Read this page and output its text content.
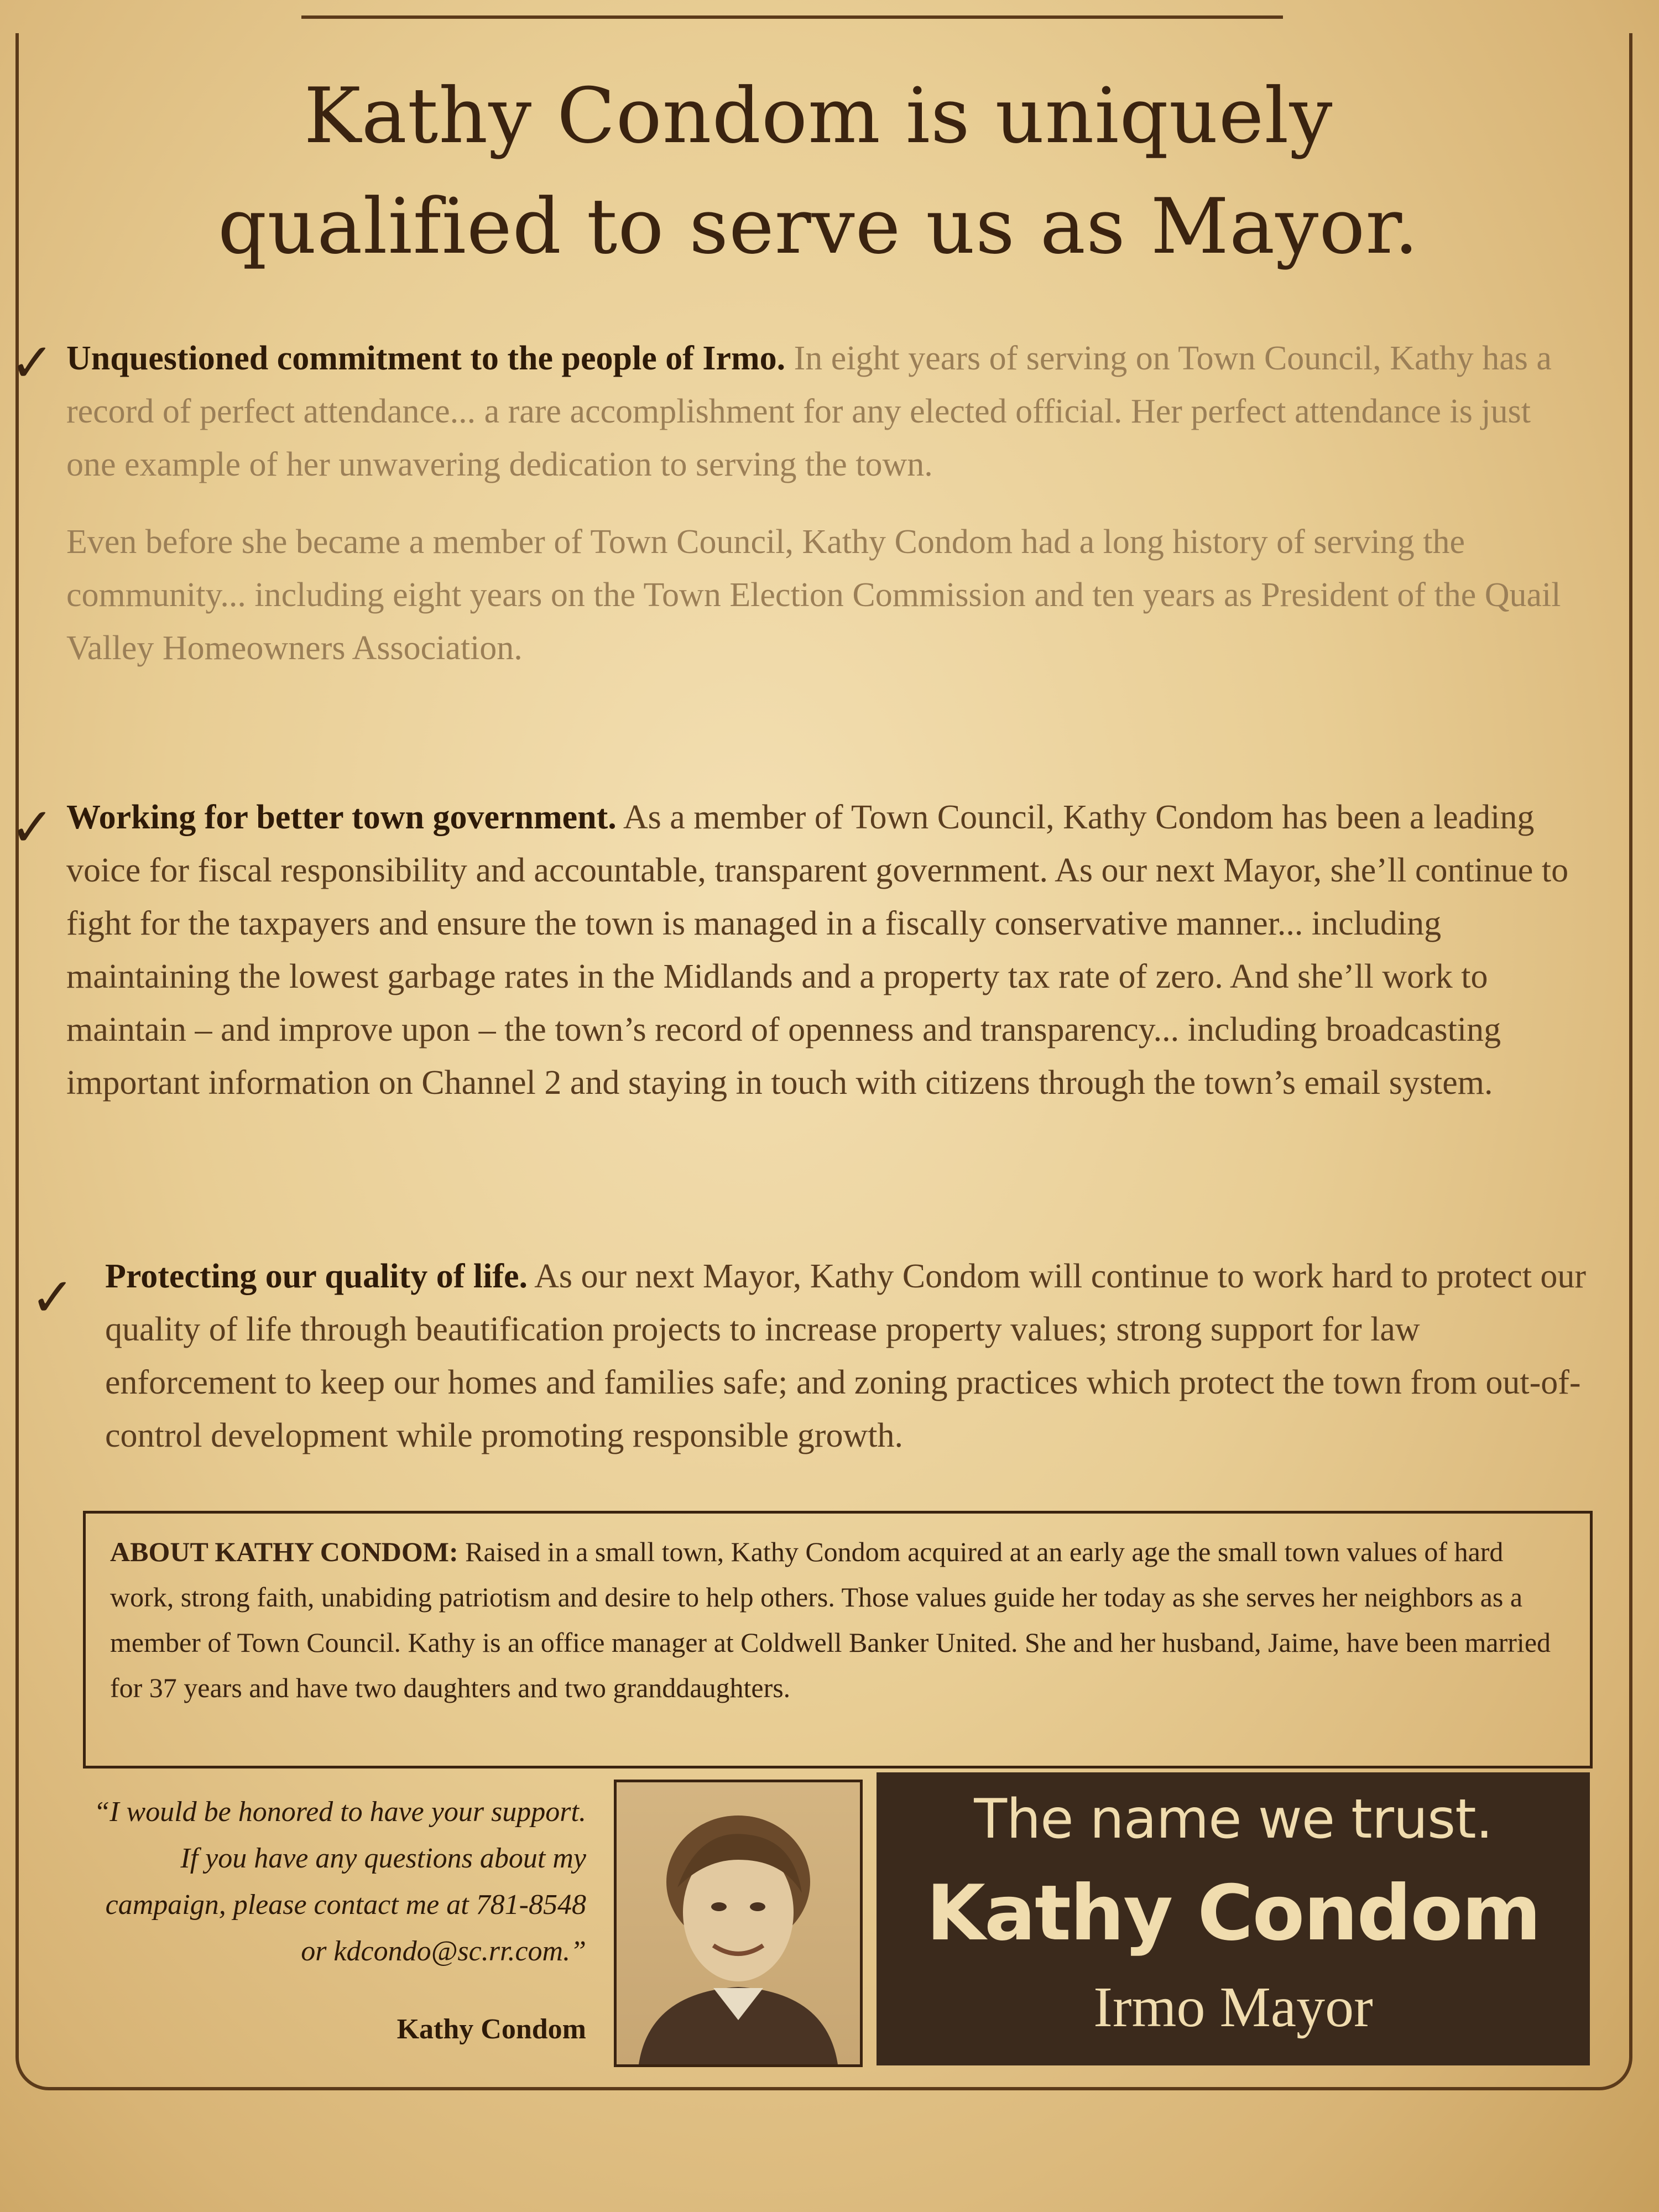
Kathy Condom is uniquely
qualified to serve us as Mayor.
✓ Unquestioned commitment to the people of Irmo. In eight years of serving on Town Council, Kathy has a record of perfect attendance... a rare accomplishment for any elected official. Her perfect attendance is just one example of her unwavering dedication to serving the town.

Even before she became a member of Town Council, Kathy Condom had a long history of serving the community... including eight years on the Town Election Commission and ten years as President of the Quail Valley Homeowners Association.

✓ Working for better town government. As a member of Town Council, Kathy Condom has been a leading voice for fiscal responsibility and accountable, transparent government. As our next Mayor, she’ll continue to fight for the taxpayers and ensure the town is managed in a fiscally conservative manner... including maintaining the lowest garbage rates in the Midlands and a property tax rate of zero. And she’ll work to maintain – and improve upon – the town’s record of openness and transparency... including broadcasting important information on Channel 2 and staying in touch with citizens through the town’s email system.

✓ Protecting our quality of life. As our next Mayor, Kathy Condom will continue to work hard to protect our quality of life through beautification projects to increase property values; strong support for law enforcement to keep our homes and families safe; and zoning practices which protect the town from out-of-control development while promoting responsible growth.

ABOUT KATHY CONDOM: Raised in a small town, Kathy Condom acquired at an early age the small town values of hard work, strong faith, unabiding patriotism and desire to help others. Those values guide her today as she serves her neighbors as a member of Town Council. Kathy is an office manager at Coldwell Banker United. She and her husband, Jaime, have been married for 37 years and have two daughters and two granddaughters.
“I would be honored to have your support. If you have any questions about my campaign, please contact me at 781-8548 or kdcondo@sc.rr.com.”
Kathy Condom
The name we trust.
Kathy Condom
Irmo Mayor
